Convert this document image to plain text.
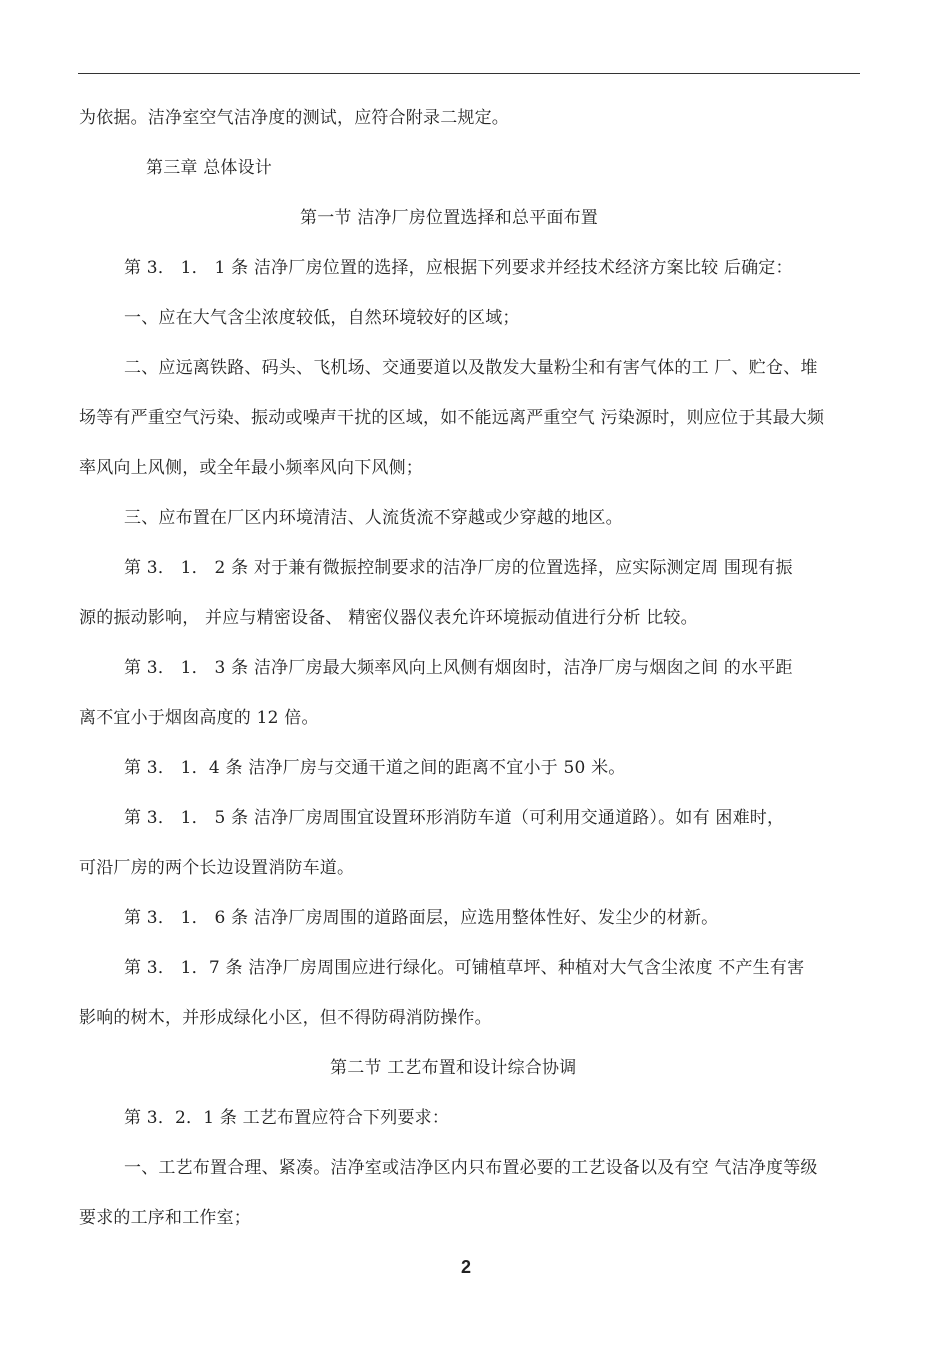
为依据。洁净室空气洁净度的测试，应符合附录二规定。
第三章 总体设计
第一节 洁净厂房位置选择和总平面布置
第 3． 1． 1 条 洁净厂房位置的选择，应根据下列要求并经技术经济方案比较 后确定：
一、应在大气含尘浓度较低，自然环境较好的区域；
二、应远离铁路、码头、飞机场、交通要道以及散发大量粉尘和有害气体的工 厂、贮仓、堆
场等有严重空气污染、振动或噪声干扰的区域，如不能远离严重空气 污染源时，则应位于其最大频
率风向上风侧，或全年最小频率风向下风侧；
三、应布置在厂区内环境清洁、人流货流不穿越或少穿越的地区。
第 3． 1． 2 条 对于兼有微振控制要求的洁净厂房的位置选择，应实际测定周 围现有振
源的振动影响， 并应与精密设备、 精密仪器仪表允许环境振动值进行分析 比较。
第 3． 1． 3 条 洁净厂房最大频率风向上风侧有烟囱时，洁净厂房与烟囱之间 的水平距
离不宜小于烟囱高度的 12 倍。
第 3． 1．4 条 洁净厂房与交通干道之间的距离不宜小于 50 米。
第 3． 1． 5 条 洁净厂房周围宜设置环形消防车道（可利用交通道路）。如有 困难时，
可沿厂房的两个长边设置消防车道。
第 3． 1． 6 条 洁净厂房周围的道路面层，应选用整体性好、发尘少的材新。
第 3． 1．7 条 洁净厂房周围应进行绿化。可铺植草坪、种植对大气含尘浓度 不产生有害
影响的树木，并形成绿化小区，但不得防碍消防操作。
第二节 工艺布置和设计综合协调
第 3．2．1 条 工艺布置应符合下列要求：
一、工艺布置合理、紧凑。洁净室或洁净区内只布置必要的工艺设备以及有空 气洁净度等级
要求的工序和工作室；
2
